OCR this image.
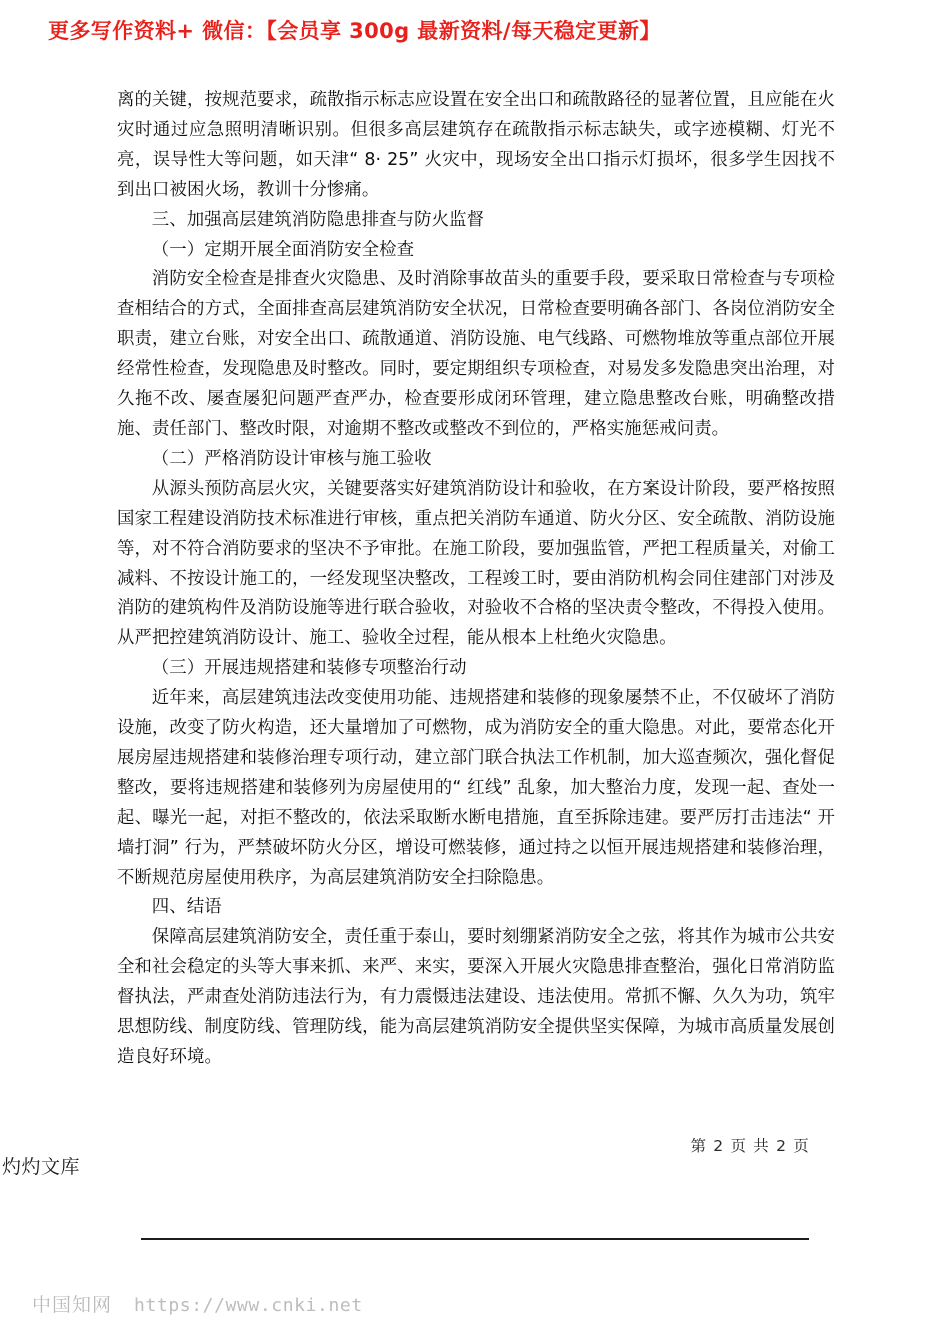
更多写作资料+ 微信：【会员享 300g 最新资料/每天稳定更新】

离的关键，按规范要求，疏散指示标志应设置在安全出口和疏散路径的显著位置，且应能在火灾时通过应急照明清晰识别。但很多高层建筑存在疏散指示标志缺失，或字迹模糊、灯光不亮，误导性大等问题，如天津“ 8· 25” 火灾中，现场安全出口指示灯损坏，很多学生因找不到出口被困火场，教训十分惨痛。

三、加强高层建筑消防隐患排查与防火监督

（一）定期开展全面消防安全检查

消防安全检查是排查火灾隐患、及时消除事故苗头的重要手段，要采取日常检查与专项检查相结合的方式，全面排查高层建筑消防安全状况，日常检查要明确各部门、各岗位消防安全职责，建立台账，对安全出口、疏散通道、消防设施、电气线路、可燃物堆放等重点部位开展经常性检查，发现隐患及时整改。同时，要定期组织专项检查，对易发多发隐患突出治理，对久拖不改、屡查屡犯问题严查严办，检查要形成闭环管理，建立隐患整改台账，明确整改措施、责任部门、整改时限，对逾期不整改或整改不到位的，严格实施惩戒问责。

（二）严格消防设计审核与施工验收

从源头预防高层火灾，关键要落实好建筑消防设计和验收，在方案设计阶段，要严格按照国家工程建设消防技术标准进行审核，重点把关消防车通道、防火分区、安全疏散、消防设施等，对不符合消防要求的坚决不予审批。在施工阶段，要加强监管，严把工程质量关，对偷工减料、不按设计施工的，一经发现坚决整改，工程竣工时，要由消防机构会同住建部门对涉及消防的建筑构件及消防设施等进行联合验收，对验收不合格的坚决责令整改，不得投入使用。从严把控建筑消防设计、施工、验收全过程，能从根本上杜绝火灾隐患。

（三）开展违规搭建和装修专项整治行动

近年来，高层建筑违法改变使用功能、违规搭建和装修的现象屡禁不止，不仅破坏了消防设施，改变了防火构造，还大量增加了可燃物，成为消防安全的重大隐患。对此，要常态化开展房屋违规搭建和装修治理专项行动，建立部门联合执法工作机制，加大巡查频次，强化督促整改，要将违规搭建和装修列为房屋使用的“ 红线” 乱象，加大整治力度，发现一起、查处一起、曝光一起，对拒不整改的，依法采取断水断电措施，直至拆除违建。要严厉打击违法“ 开墙打洞” 行为，严禁破坏防火分区，增设可燃装修，通过持之以恒开展违规搭建和装修治理，不断规范房屋使用秩序，为高层建筑消防安全扫除隐患。

四、结语

保障高层建筑消防安全，责任重于泰山，要时刻绷紧消防安全之弦，将其作为城市公共安全和社会稳定的头等大事来抓、来严、来实，要深入开展火灾隐患排查整治，强化日常消防监督执法，严肃查处消防违法行为，有力震慑违法建设、违法使用。常抓不懈、久久为功，筑牢思想防线、制度防线、管理防线，能为高层建筑消防安全提供坚实保障，为城市高质量发展创造良好环境。

第 2 页 共 2 页
灼灼文库
中国知网 https://www.cnki.net
